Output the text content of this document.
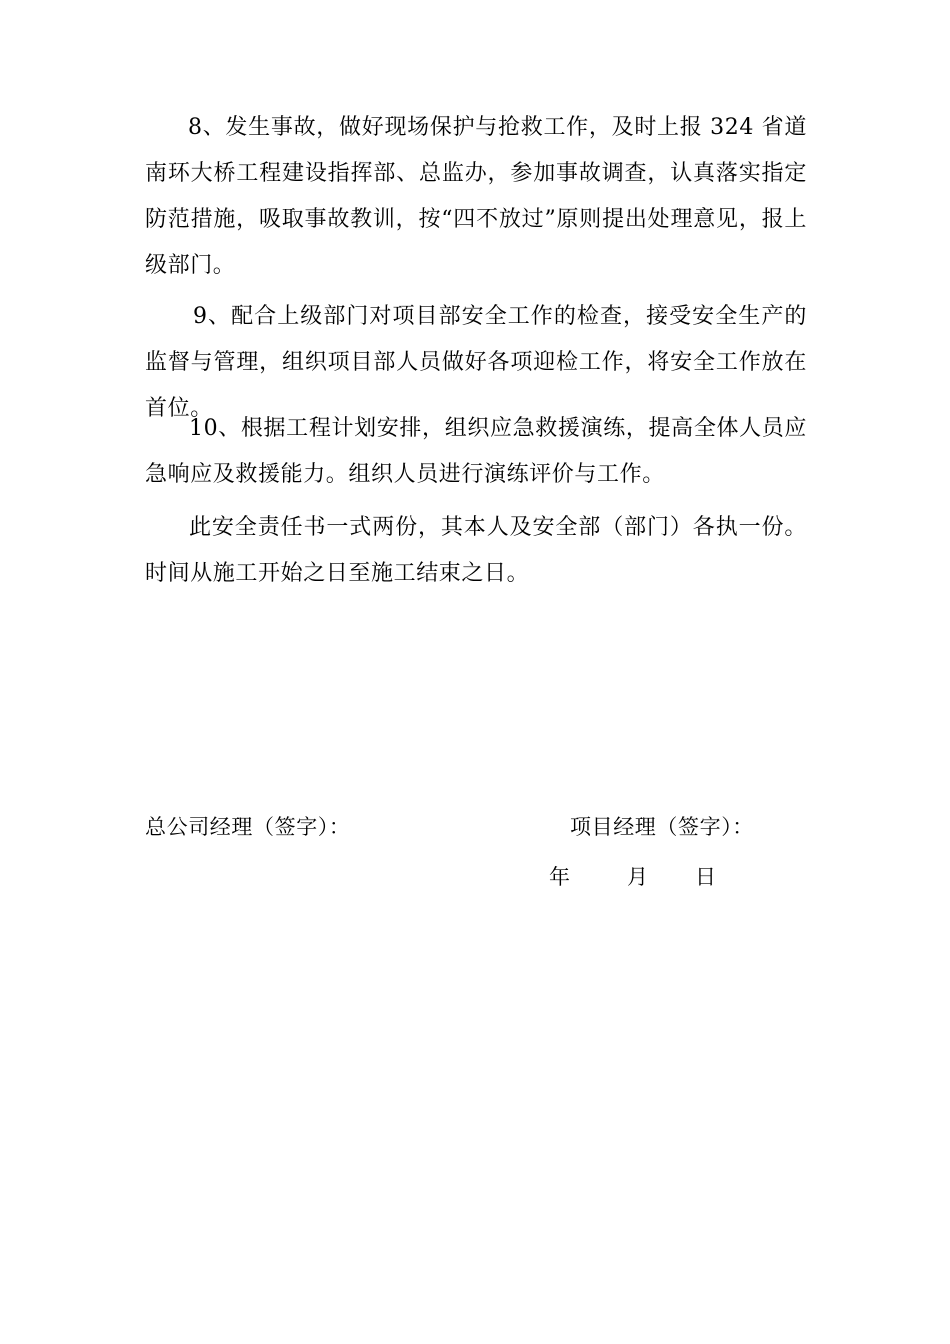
8、发生事故，做好现场保护与抢救工作，及时上报 324 省道南环大桥工程建设指挥部、总监办，参加事故调查，认真落实指定防范措施，吸取事故教训，按“四不放过”原则提出处理意见，报上级部门。

9、配合上级部门对项目部安全工作的检查，接受安全生产的监督与管理，组织项目部人员做好各项迎检工作，将安全工作放在首位。

10、根据工程计划安排，组织应急救援演练，提高全体人员应急响应及救援能力。组织人员进行演练评价与工作。

此安全责任书一式两份，其本人及安全部（部门）各执一份。时间从施工开始之日至施工结束之日。

总公司经理（签字）：	项目经理（签字）：
年	月 日
